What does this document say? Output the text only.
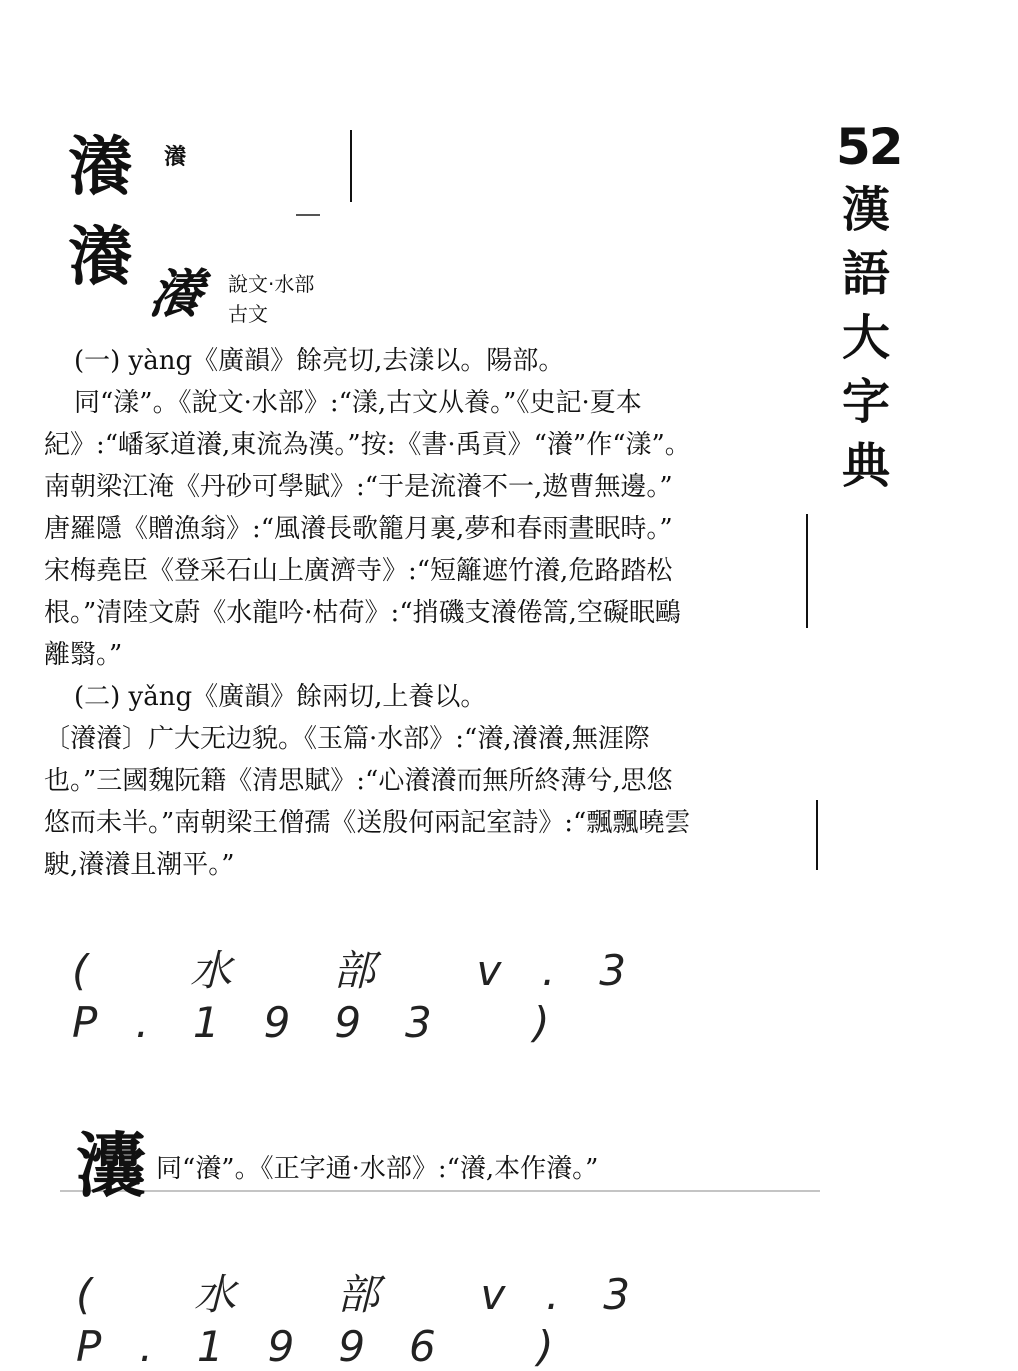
52
漢
語
大
字
典
瀁 瀁
瀁 瀁 說文·水部
古文

(一) yàng《廣韻》餘亮切,去漾以。陽部。

同“漾”。《說文·水部》:“漾,古文从養。”《史記·夏本

紀》:“嶓冢道瀁,東流為漢。”按:《書·禹貢》“瀁”作“漾”。

南朝梁江淹《丹砂可學賦》:“于是流瀁不一,遨曹無邊。”

唐羅隱《贈漁翁》:“風瀁長歌籠月裏,夢和春雨晝眠時。”

宋梅堯臣《登采石山上廣濟寺》:“短籬遮竹瀁,危路踏松

根。”清陸文蔚《水龍吟·枯荷》:“捎磯支瀁倦篙,空礙眠鷗

離翳。”

(二) yǎng《廣韻》餘兩切,上養以。

〔瀁瀁〕广大无边貌。《玉篇·水部》:“瀁,瀁瀁,無涯際

也。”三國魏阮籍《清思賦》:“心瀁瀁而無所終薄兮,思悠

悠而未半。”南朝梁王僧孺《送殷何兩記室詩》:“飄飄曉雲

駛,瀁瀁且潮平。”

( 水 部 v.3 P.1993 )
灢 同“瀁”。《正字通·水部》:“瀁,本作瀁。”
( 水 部 v.3 P.1996 )
